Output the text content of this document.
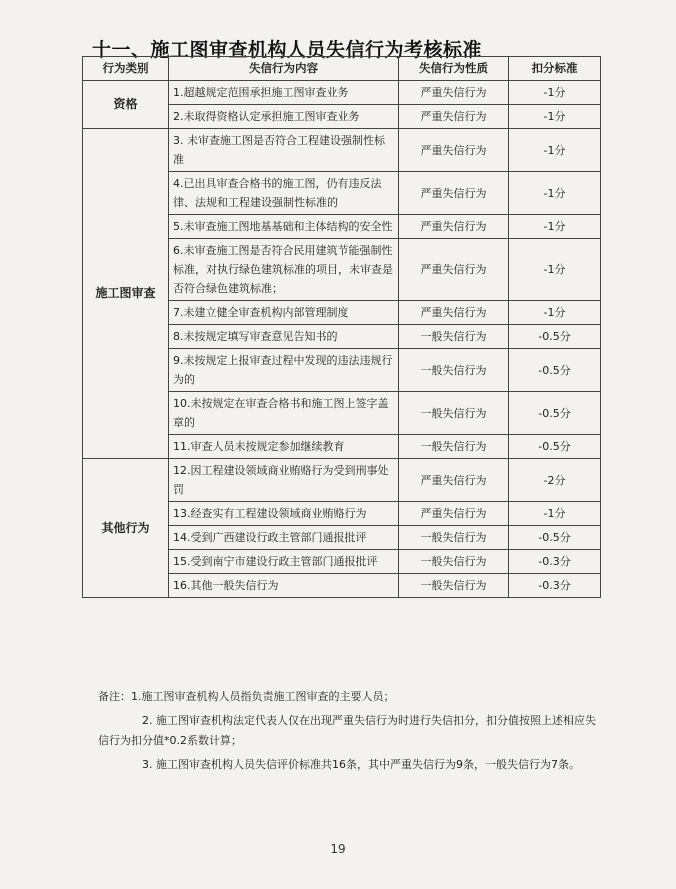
十一、施工图审查机构人员失信行为考核标准
行为类别	失信行为内容	失信行为性质	扣分标准
资格	1.超越规定范围承担施工图审查业务	严重失信行为	-1分
	2.未取得资格认定承担施工图审查业务	严重失信行为	-1分
施工图审查	3. 未审查施工图是否符合工程建设强制性标准	严重失信行为	-1分
	4.已出具审查合格书的施工图，仍有违反法律、法规和工程建设强制性标准的	严重失信行为	-1分
	5.未审查施工图地基基础和主体结构的安全性	严重失信行为	-1分
	6.未审查施工图是否符合民用建筑节能强制性标准，对执行绿色建筑标准的项目，未审查是否符合绿色建筑标准；	严重失信行为	-1分
	7.未建立健全审查机构内部管理制度	严重失信行为	-1分
	8.未按规定填写审查意见告知书的	一般失信行为	-0.5分
	9.未按规定上报审查过程中发现的违法违规行为的	一般失信行为	-0.5分
	10.未按规定在审查合格书和施工图上签字盖章的	一般失信行为	-0.5分
	11.审查人员未按规定参加继续教育	一般失信行为	-0.5分
其他行为	12.因工程建设领域商业贿赂行为受到刑事处罚	严重失信行为	-2分
	13.经查实有工程建设领域商业贿赂行为	严重失信行为	-1分
	14.受到广西建设行政主管部门通报批评	一般失信行为	-0.5分
	15.受到南宁市建设行政主管部门通报批评	一般失信行为	-0.3分
	16.其他一般失信行为	一般失信行为	-0.3分

备注：1.施工图审查机构人员指负责施工图审查的主要人员；

2. 施工图审查机构法定代表人仅在出现严重失信行为时进行失信扣分，扣分值按照上述相应失信行为扣分值*0.2系数计算；

3. 施工图审查机构人员失信评价标准共16条，其中严重失信行为9条，一般失信行为7条。

19
